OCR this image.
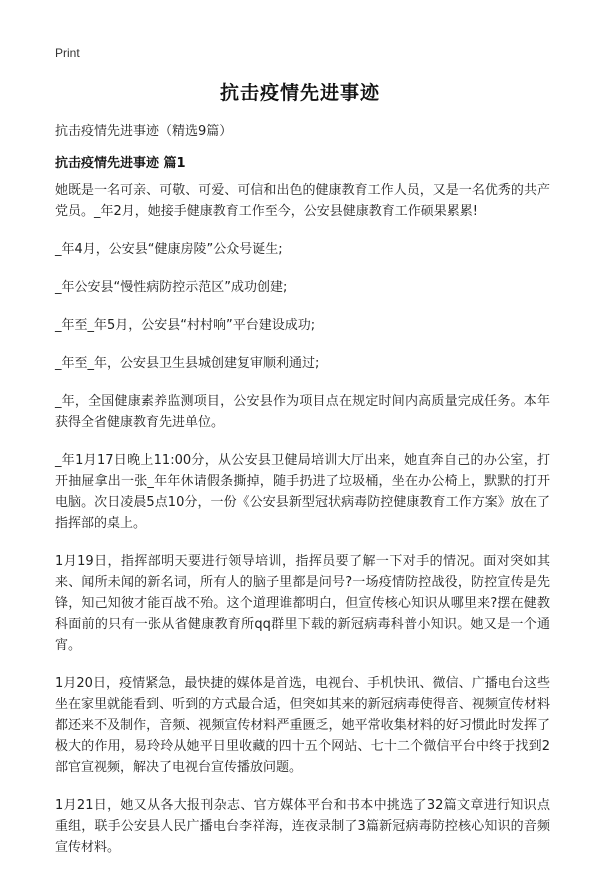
Print
抗击疫情先进事迹
抗击疫情先进事迹（精选9篇）
抗击疫情先进事迹 篇1

她既是一名可亲、可敬、可爱、可信和出色的健康教育工作人员，又是一名优秀的共产党员。_年2月，她接手健康教育工作至今，公安县健康教育工作硕果累累!

_年4月，公安县“健康房陵”公众号诞生;

_年公安县“慢性病防控示范区”成功创建;

_年至_年5月，公安县“村村响”平台建设成功;

_年至_年，公安县卫生县城创建复审顺利通过;

_年，全国健康素养监测项目，公安县作为项目点在规定时间内高质量完成任务。本年获得全省健康教育先进单位。

_年1月17日晚上11:00分，从公安县卫健局培训大厅出来，她直奔自己的办公室，打开抽屉拿出一张_年年休请假条撕掉，随手扔进了垃圾桶，坐在办公椅上，默默的打开电脑。次日凌晨5点10分，一份《公安县新型冠状病毒防控健康教育工作方案》放在了指挥部的桌上。

1月19日，指挥部明天要进行领导培训，指挥员要了解一下对手的情况。面对突如其来、闻所未闻的新名词，所有人的脑子里都是问号?一场疫情防控战役，防控宣传是先锋，知己知彼才能百战不殆。这个道理谁都明白，但宣传核心知识从哪里来?摆在健教科面前的只有一张从省健康教育所qq群里下载的新冠病毒科普小知识。她又是一个通宵。

1月20日，疫情紧急，最快捷的媒体是首选，电视台、手机快讯、微信、广播电台这些坐在家里就能看到、听到的方式最合适，但突如其来的新冠病毒使得音、视频宣传材料都还来不及制作，音频、视频宣传材料严重匮乏，她平常收集材料的好习惯此时发挥了极大的作用，易玲玲从她平日里收藏的四十五个网站、七十二个微信平台中终于找到2部官宣视频，解决了电视台宣传播放问题。

1月21日，她又从各大报刊杂志、官方媒体平台和书本中挑选了32篇文章进行知识点重组，联手公安县人民广播电台李祥海，连夜录制了3篇新冠病毒防控核心知识的音频宣传材料。
